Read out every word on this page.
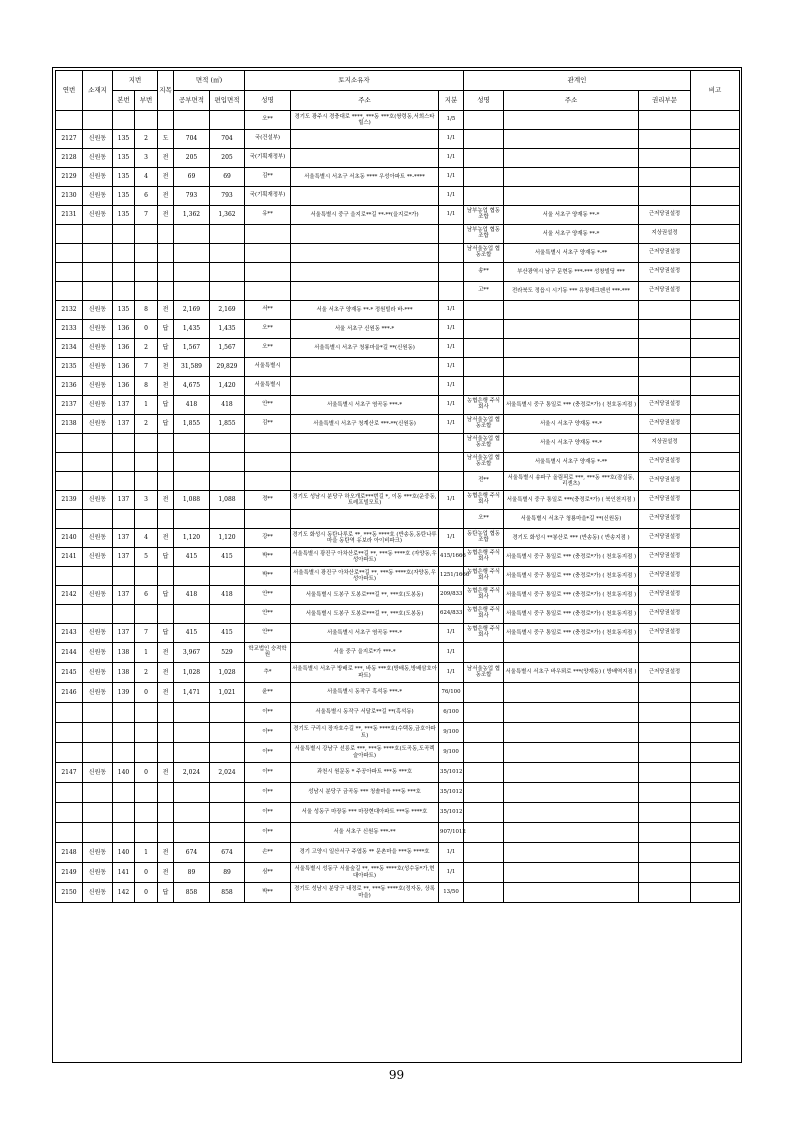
연번	소재지	지번		지목	면적 (㎡)		토지소유자			관계인			비고
		본번	부번		공부면적	편입면적	성명	주소	지분	성명	주소	권리부문	
							오**	경기도 광주시 경충대로 ****, ***동 ***호(쌍령동,서희스타힐스)	1/5				
2127	신원동	135	2	도	704	704	국(건설부)		1/1				
2128	신원동	135	3	전	205	205	국(기획재정부)		1/1				
2129	신원동	135	4	전	69	69	김**	서울특별시 서초구 서초동 **** 우성아파트 **-****	1/1				
2130	신원동	135	6	전	793	793	국(기획재정부)		1/1				
2131	신원동	135	7	전	1,362	1,362	유**	서울특별시 중구 을지로**길 **-**(을지로*가)	1/1	남부농업 협동조합	서울 서초구 양재동 **-*	근저당권설정	
										남부농업 협동조합	서울 서초구 양재동 **-*	지상권설정	
										남서울농업 협동조합	서울특별시 서초구 양재동 *-**	근저당권설정	
										송**	부산광역시 남구 문현동 ***-*** 성창빌딩 ***	근저당권설정	
										고**	전라북도 정읍시 시기동 *** 유창테크펜션 ***-***	근저당권설정	
2132	신원동	135	8	전	2,169	2,169	서**	서울 서초구 양재동 **-* 정원빌라 바-***	1/1				
2133	신원동	136	0	답	1,435	1,435	오**	서울 서초구 신원동 ***-*	1/1				
2134	신원동	136	2	답	1,567	1,567	오**	서울특별시 서초구 청룡마을*길 **(신원동)	1/1				
2135	신원동	136	7	천	31,589	29,829	서울특별시		1/1				
2136	신원동	136	8	천	4,675	1,420	서울특별시		1/1				
2137	신원동	137	1	답	418	418	안**	서울특별시 서초구 염곡동 ***-*	1/1	농협은행 주식회사	서울특별시 중구 통일로 *** (충정로*가) ( 천호동지점 )	근저당권설정	
2138	신원동	137	2	답	1,855	1,855	김**	서울특별시 서초구 청계산로 ***-**(신원동)	1/1	남서울농업 협동조합	서울시 서초구 양재동 **-*	근저당권설정	
										남서울농업 협동조합	서울시 서초구 양재동 **-*	지상권설정	
										남서울농업 협동조합	서울특별시 서초구 양재동 *-**	근저당권설정	
										전**	서울특별시 송파구 올림픽로 ***, ***동 ***호(잠실동,리센츠)	근저당권설정	
2139	신원동	137	3	전	1,088	1,088	정**	경기도 성남시 분당구 하오개로***번길 *, 이동 ***호(운중동, 트레프빌모트)	1/1	농협은행 주식회사	서울특별시 중구 통일로 ***(충정로*가) ( 북인천지점 )	근저당권설정	
										오**	서울특별시 서초구 청룡마을*길 **(신원동)	근저당권설정	
2140	신원동	137	4	전	1,120	1,120	강**	경기도 화성시 동탄나루로 **, ***동 ****호 (반송동,동탄나루마을 동탄역 유보라 아이비파크)	1/1	동탄농업 협동조합	경기도 화성시 **봉산로 *** (반송동) ( 반송지점 )	근저당권설정	
2141	신원동	137	5	답	415	415	박**	서울특별시 광진구 아차산로**길 **, ***동 ****호 (자양동,우성아파트)	415/1666	농협은행 주식회사	서울특별시 중구 통일로 *** (충정로*가) ( 천호동지점 )	근저당권설정	
							박**	서울특별시 광진구 아차산로**길 **, ***동 ****호(자양동,우성아파트)	1251/1666	농협은행 주식회사	서울특별시 중구 통일로 *** (충정로*가) ( 천호동지점 )	근저당권설정	
2142	신원동	137	6	답	418	418	안**	서울특별시 도봉구 도봉로***길 **, ***호(도봉동)	209/833	농협은행 주식회사	서울특별시 중구 통일로 *** (충정로*가) ( 천호동지점 )	근저당권설정	
							안**	서울특별시 도봉구 도봉로***길 **, ***호(도봉동)	624/833	농협은행 주식회사	서울특별시 중구 통일로 *** (충정로*가) ( 천호동지점 )	근저당권설정	
2143	신원동	137	7	답	415	415	안**	서울특별시 서초구 염곡동 ***-*	1/1	농협은행 주식회사	서울특별시 중구 통일로 *** (충정로*가) ( 천호동지점 )	근저당권설정	
2144	신원동	138	1	전	3,967	529	학교법인 숭적학원	서울 중구 을지로*가 ***-*	1/1				
2145	신원동	138	2	전	1,028	1,028	추*	서울특별시 서초구 방배로 ***, 바동 ***호(방배동,방배삼호아파트)	1/1	남서울농업 협동조합	서울특별시 서초구 바우뫼로 ***(양재동) ( 방배역지점 )	근저당권설정	
2146	신원동	139	0	전	1,471	1,021	윤**	서울특별시 동작구 흑석동 ***-*	76/100				
							이**	서울특별시 동작구 서달로**길 **(흑석동)	6/100				
							이**	경기도 구리시 장자호수길 **, ***동 ****호(수택동,금호아파트)	9/100				
							이**	서울특별시 강남구 선릉로 ***, ***동 ****호(도곡동,도곡렉슬아파트)	9/100				
2147	신원동	140	0	전	2,024	2,024	이**	과천시 원문동 * 주공아파트 ***동 ***호	35/1012				
							이**	성남시 분당구 금곡동 *** 청솔마을 ***동 ***호	35/1012				
							이**	서울 성동구 마장동 *** 마장현대아파트 ***동 ****호	35/1012				
							이**	서울 서초구 신원동 ***-**	907/1012				
2148	신원동	140	1	전	674	674	손**	경기 고양시 일산서구 주엽동 ** 문촌마을 ***동 ****호	1/1				
2149	신원동	141	0	전	89	89	심**	서울특별시 성동구 서울숲길 **, ***동 ****호(성수동*가,현대아파트)	1/1				
2150	신원동	142	0	답	858	858	박**	경기도 성남시 분당구 내정로 **, ***동 ****호(정자동, 상록마을)	13/50				
99
